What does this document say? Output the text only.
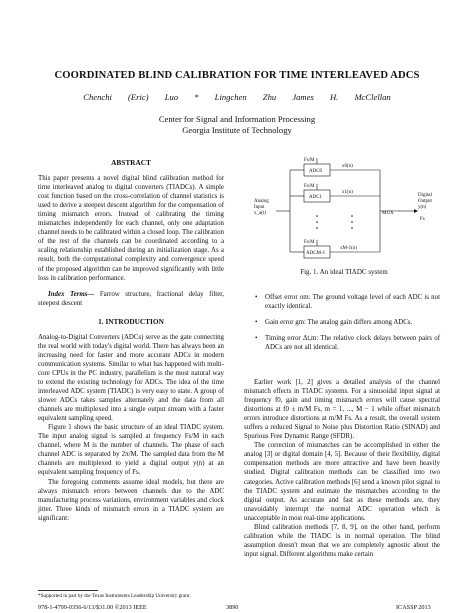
COORDINATED BLIND CALIBRATION FOR TIME INTERLEAVED ADCS
Chenchi (Eric) Luo * Lingchen Zhu James H. McClellan
Center for Signal and Information Processing
Georgia Institute of Technology
ABSTRACT

This paper presents a novel digital blind calibration method for time interleaved analog to digital converters (TIADCs). A simple cost function based on the cross-correlation of channel statistics is used to derive a steepest descent algorithm for the compensation of timing mismatch errors. Instead of calibrating the timing mismatches independently for each channel, only one adaptation channel needs to be calibrated within a closed loop. The calibration of the rest of the channels can be coordinated according to a scaling relationship established during an initialization stage. As a result, both the computational complexity and convergence speed of the proposed algorithm can be improved significantly with little loss in calibration performance.

Index Terms— Farrow structure, fractional delay filter, steepest descent

1. INTRODUCTION

Analog-to-Digital Converters (ADCs) serve as the gate connecting the real world with today's digital world. There has always been an increasing need for faster and more accurate ADCs in modern communication systems. Similar to what has happened with multi-core CPUs in the PC industry, parallelism is the most natural way to extend the existing technology for ADCs. The idea of the time interleaved ADC system (TIADC) is very easy to state. A group of slower ADCs takes samples alternately and the data from all channels are multiplexed into a single output stream with a faster equivalent sampling speed.

Figure 1 shows the basic structure of an ideal TIADC system. The input analog signal is sampled at frequency Fs/M in each channel, where M is the number of channels. The phase of each channel ADC is separated by 2π/M. The sampled data from the M channels are multiplexed to yield a digital output y(n) at an equivalent sampling frequency of Fs.

The foregoing comments assume ideal models, but there are always mismatch errors between channels due to the ADC manufacturing process variations, environment variables and clock jitter. Three kinds of mismatch errors in a TIADC system are significant:

*Supported in part by the Texas Instruments Leadership University grant.
Analog
Input
x_a(t)	MUX
Digital
Output
y(n)
Fs
Fs/M
ADC0
x0(n)
Fs/M
ADC1
x1(n)
Fs/M
ADCM-1
xM-1(n)
Fig. 1. An ideal TIADC system
• Offset error om: The ground voltage level of each ADC is not exactly identical.
• Gain error gm: The analog gain differs among ADCs.
• Timing error Δt,m: The relative clock delays between pairs of ADCs are not all identical.

Earlier work [1, 2] gives a detailed analysis of the channel mismatch effects in TIADC systems. For a sinusoidal input signal at frequency f0, gain and timing mismatch errors will cause spectral distortions at f0 ± m/M Fs, m = 1, ..., M − 1 while offset mismatch errors introduce distortions at m/M Fs. As a result, the overall system suffers a reduced Signal to Noise plus Distortion Ratio (SINAD) and Spurious Free Dynamic Range (SFDR).

The correction of mismatches can be accomplished in either the analog [3] or digital domain [4, 5]. Because of their flexibility, digital compensation methods are more attractive and have been heavily studied. Digital calibration methods can be classified into two categories. Active calibration methods [6] send a known pilot signal to the TIADC system and estimate the mismatches according to the digital output. As accurate and fast as these methods are, they unavoidably interrupt the normal ADC operation which is unacceptable in most real-time applications.

Blind calibration methods [7, 8, 9], on the other hand, perform calibration while the TIADC is in normal operation. The blind assumption doesn't mean that we are completely agnostic about the input signal. Different algorithms make certain

978-1-4799-0356-6/13/$31.00 ©2013 IEEE	3890	ICASSP 2013
